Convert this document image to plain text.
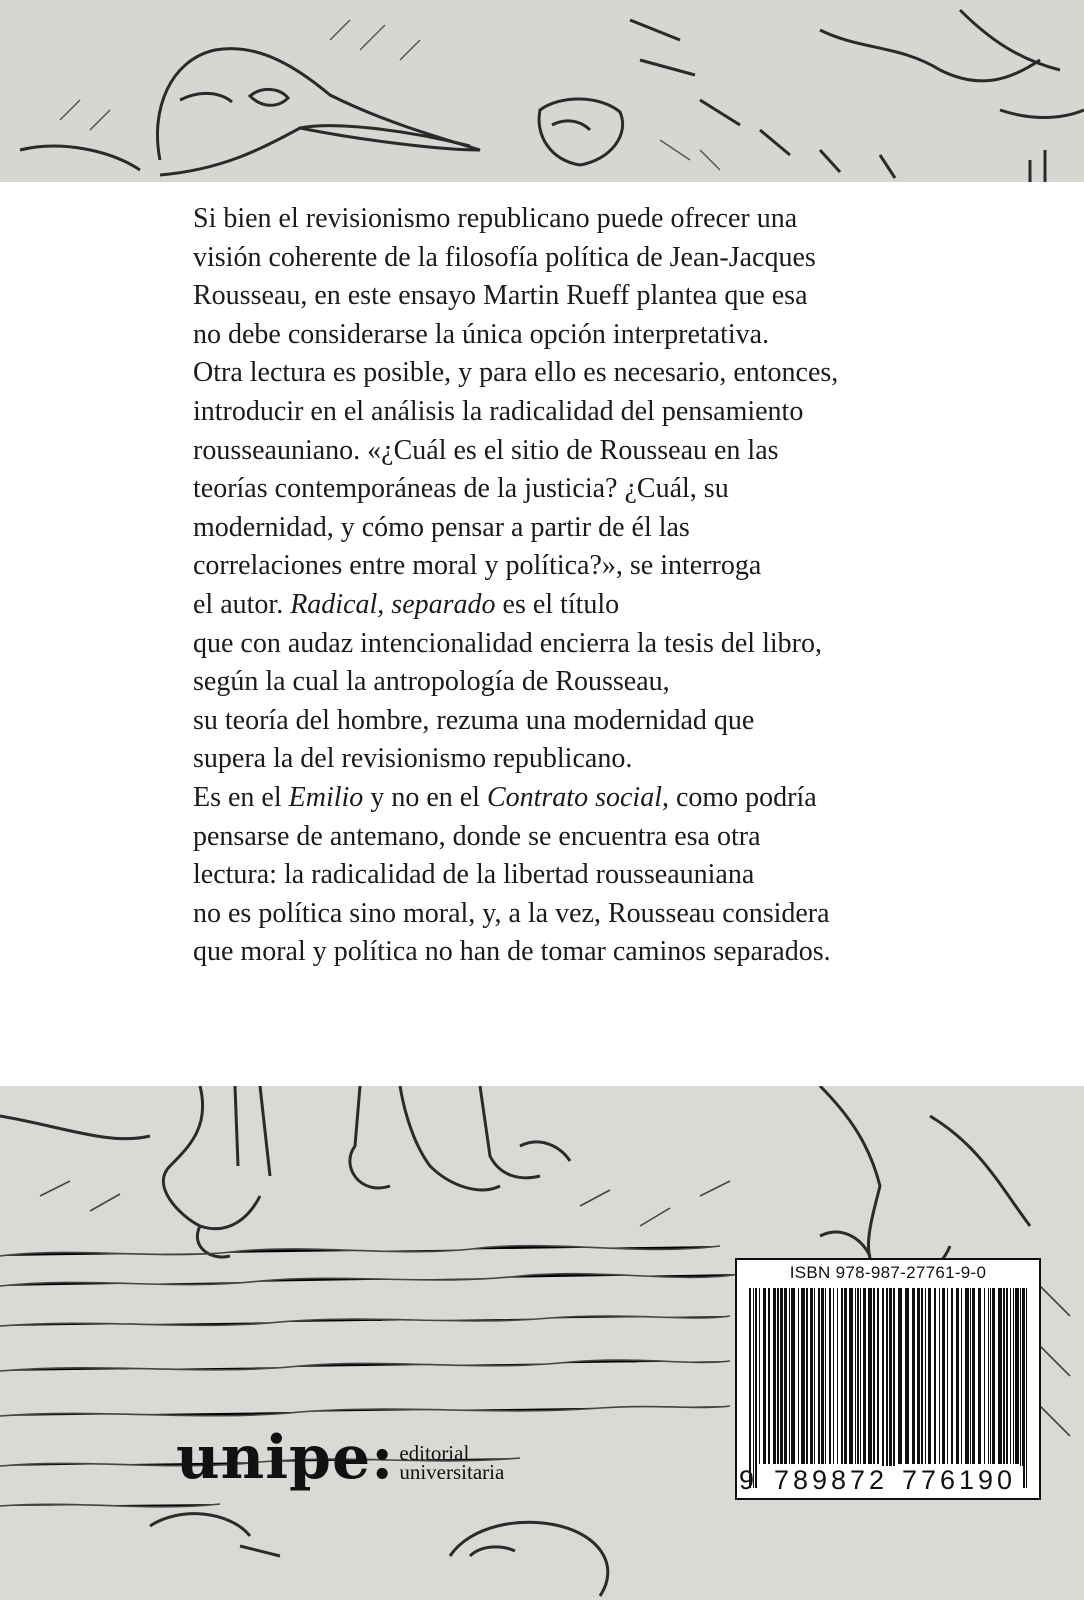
Si bien el revisionismo republicano puede ofrecer una
visión coherente de la filosofía política de Jean-Jacques
Rousseau, en este ensayo Martin Rueff plantea que esa
no debe considerarse la única opción interpretativa.
Otra lectura es posible, y para ello es necesario, entonces,
introducir en el análisis la radicalidad del pensamiento
rousseauniano. «¿Cuál es el sitio de Rousseau en las
teorías contemporáneas de la justicia? ¿Cuál, su
modernidad, y cómo pensar a partir de él las
correlaciones entre moral y política?», se interroga
el autor. Radical, separado es el título
que con audaz intencionalidad encierra la tesis del libro,
según la cual la antropología de Rousseau,
su teoría del hombre, rezuma una modernidad que
supera la del revisionismo republicano.
Es en el Emilio y no en el Contrato social, como podría
pensarse de antemano, donde se encuentra esa otra
lectura: la radicalidad de la libertad rousseauniana
no es política sino moral, y, a la vez, Rousseau considera
que moral y política no han de tomar caminos separados.

ISBN 978-987-27761-9-0
9 789872 776190
unipe : editorial
universitaria
